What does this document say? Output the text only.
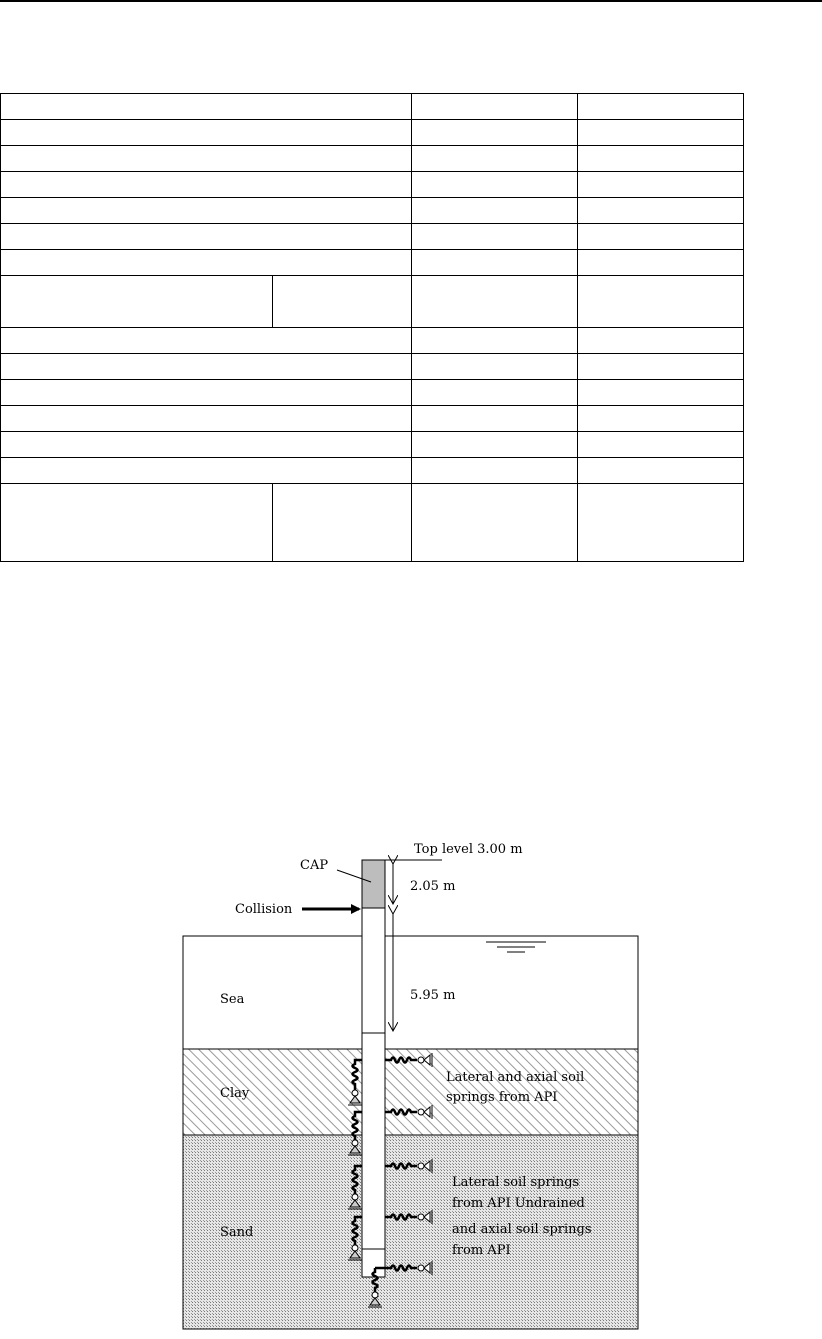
Top level 3.00 m
CAP
Collision
2.05 m
5.95 m
Sea
Clay
Sand
Lateral and axial soil
springs from API
Lateral soil springs
from API Undrained
and axial soil springs
from API
